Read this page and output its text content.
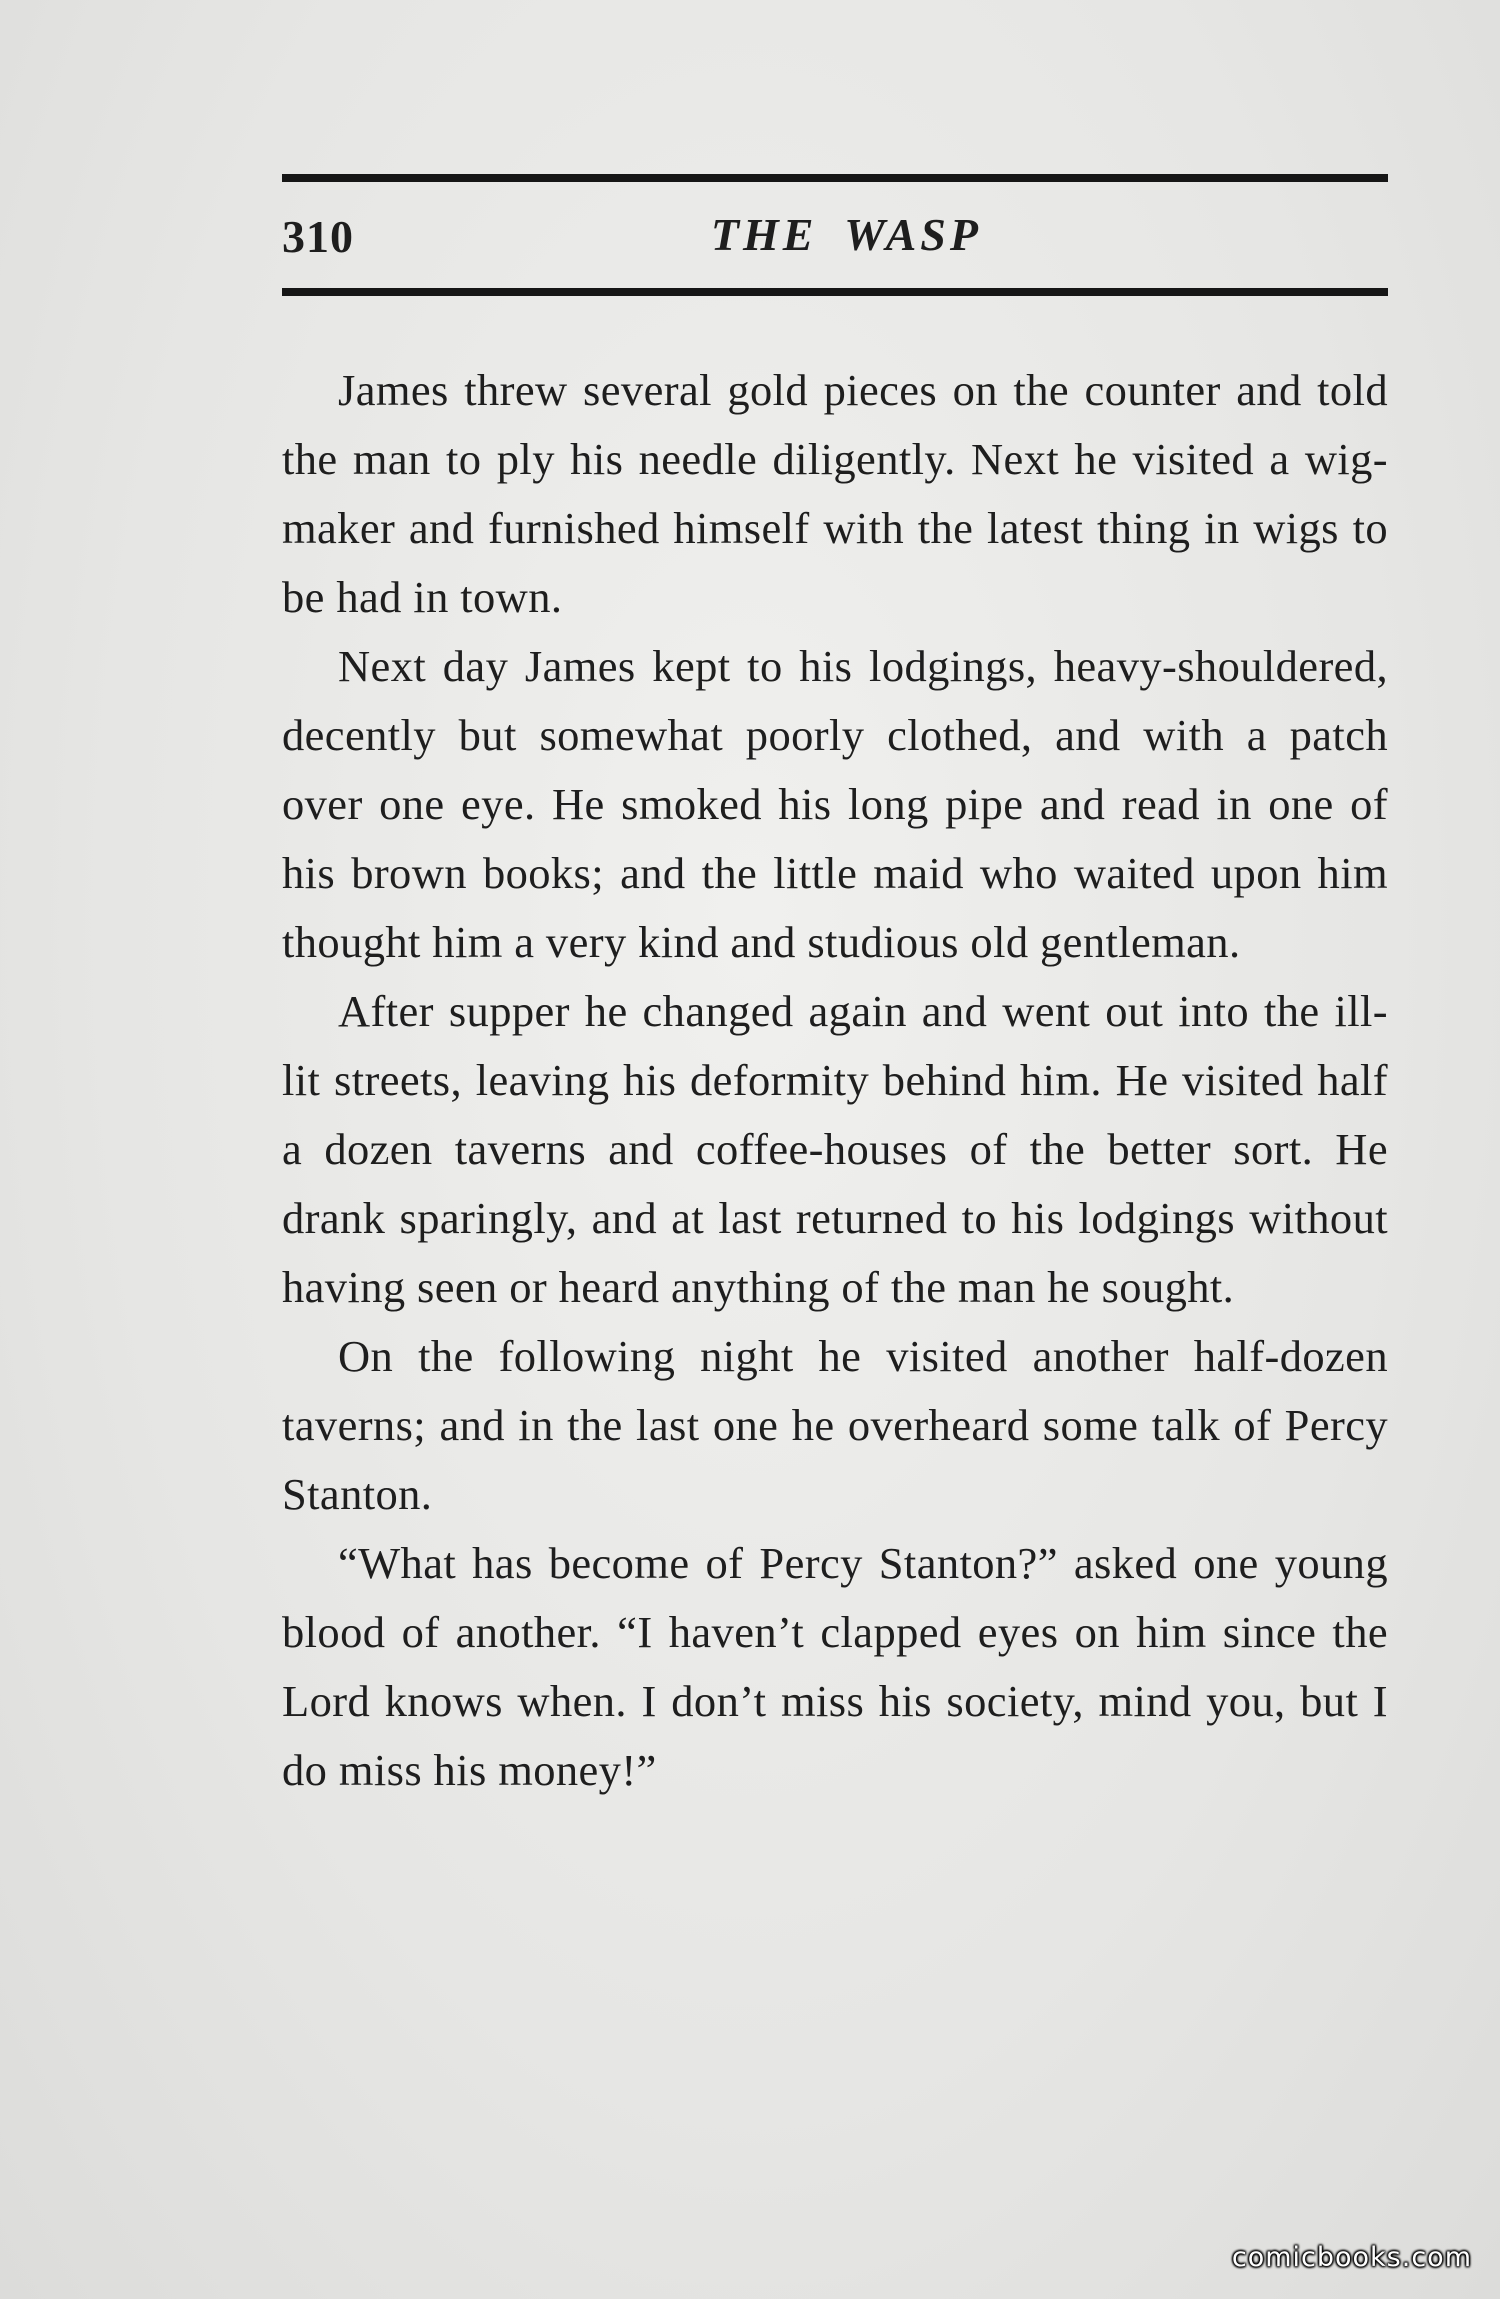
310	THE WASP

James threw several gold pieces on the counter and told the man to ply his needle diligently. Next he visited a wig-maker and furnished himself with the latest thing in wigs to be had in town.

Next day James kept to his lodgings, heavy-shouldered, decently but somewhat poorly clothed, and with a patch over one eye. He smoked his long pipe and read in one of his brown books; and the little maid who waited upon him thought him a very kind and studious old gentleman.

After supper he changed again and went out into the ill-lit streets, leaving his deformity behind him. He visited half a dozen taverns and coffee-houses of the better sort. He drank sparingly, and at last returned to his lodgings without having seen or heard anything of the man he sought.

On the following night he visited another half-dozen taverns; and in the last one he overheard some talk of Percy Stanton.

“What has become of Percy Stanton?” asked one young blood of another. “I haven’t clapped eyes on him since the Lord knows when. I don’t miss his society, mind you, but I do miss his money!”

comicbooks.com
